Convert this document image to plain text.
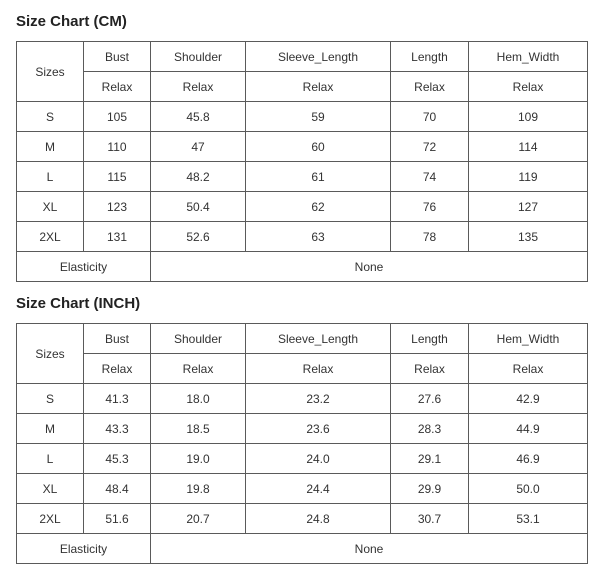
Size Chart (CM)
Sizes	Bust	Shoulder	Sleeve_Length	Length	Hem_Width
	Relax	Relax	Relax	Relax	Relax
S	105	45.8	59	70	109
M	110	47	60	72	114
L	115	48.2	61	74	119
XL	123	50.4	62	76	127
2XL	131	52.6	63	78	135
Elasticity		None			
Size Chart (INCH)
Sizes	Bust	Shoulder	Sleeve_Length	Length	Hem_Width
	Relax	Relax	Relax	Relax	Relax
S	41.3	18.0	23.2	27.6	42.9
M	43.3	18.5	23.6	28.3	44.9
L	45.3	19.0	24.0	29.1	46.9
XL	48.4	19.8	24.4	29.9	50.0
2XL	51.6	20.7	24.8	30.7	53.1
Elasticity		None			
